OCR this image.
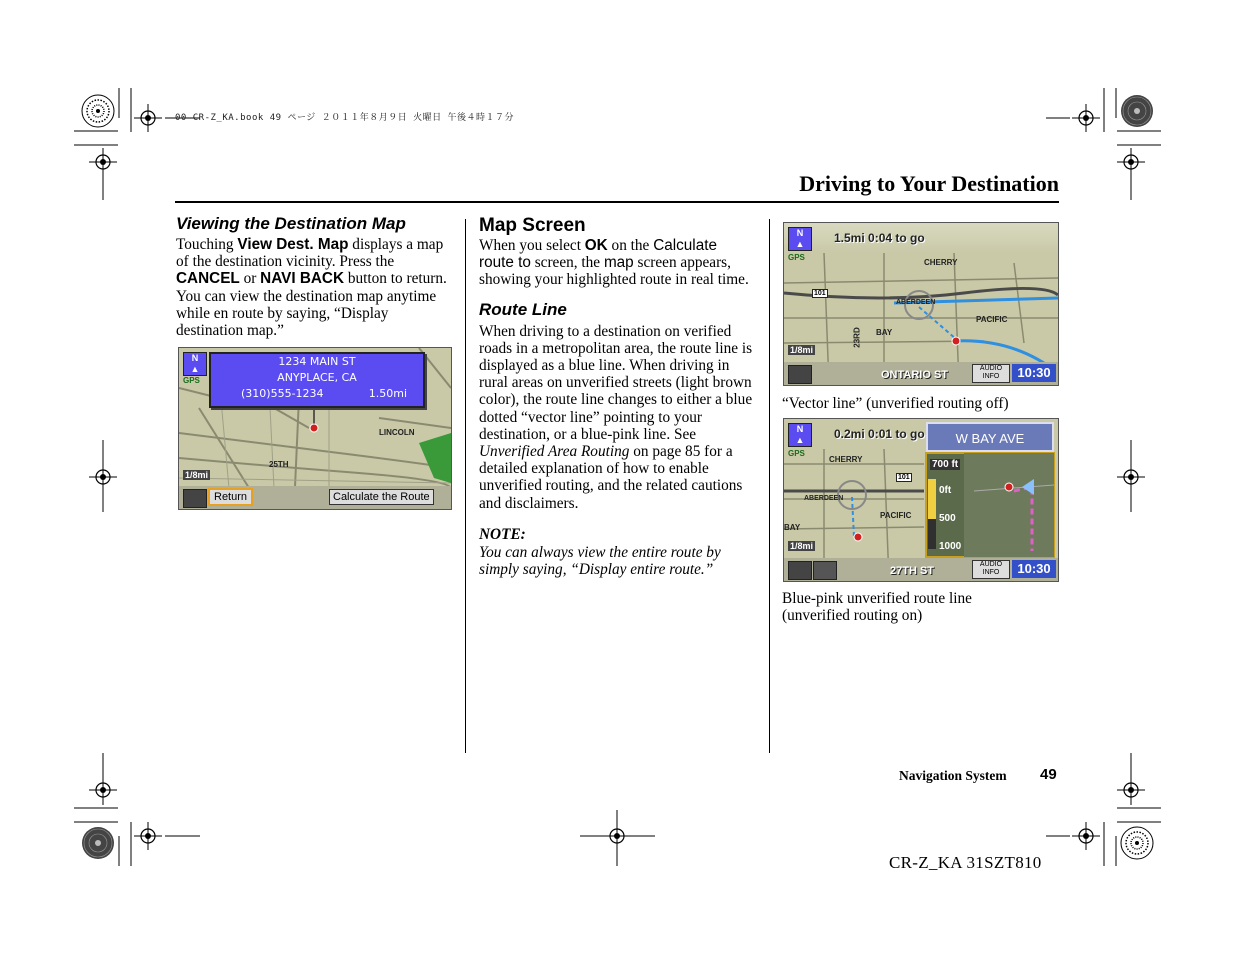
00 CR-Z_KA.book 49 ページ ２０１１年８月９日 火曜日 午後４時１７分
Driving to Your Destination
Viewing the Destination Map

Touching View Dest. Map displays a map of the destination vicinity. Press the CANCEL or NAVI BACK button to return. You can view the destination map anytime while en route by saying, “Display destination map.”

N
▲
GPS
1234 MAIN ST
ANYPLACE, CA
(310)555-1234	1.50mi
LINCOLN
25TH
1/8mi
Return	Calculate the Route
Map Screen

When you select OK on the Calculate route to screen, the map screen appears, showing your highlighted route in real time.

Route Line

When driving to a destination on verified roads in a metropolitan area, the route line is displayed as a blue line. When driving in rural areas on unverified streets (light brown color), the route line changes to either a blue dotted “vector line” pointing to your destination, or a blue-pink line. See Unverified Area Routing on page 85 for a detailed explanation of how to enable unverified routing, and the related cautions and disclaimers.

NOTE:

You can always view the entire route by simply saying, “Display entire route.”

N
▲	1.5mi 0:04 to go
GPS
CHERRY
PACIFIC
BAY
23RD
ABERDEEN
101
1/8mi
ONTARIO ST
AUDIO INFO	10:30
“Vector line” (unverified routing off)
N
▲	0.2mi 0:01 to go	W BAY AVE
GPS
CHERRY
PACIFIC
BAY
ABERDEEN
101
700 ft
0ft
500
1000
1/8mi
27TH ST
AUDIO INFO	10:30
Blue-pink unverified route line
(unverified routing on)
Navigation System 49
CR-Z_KA 31SZT810
